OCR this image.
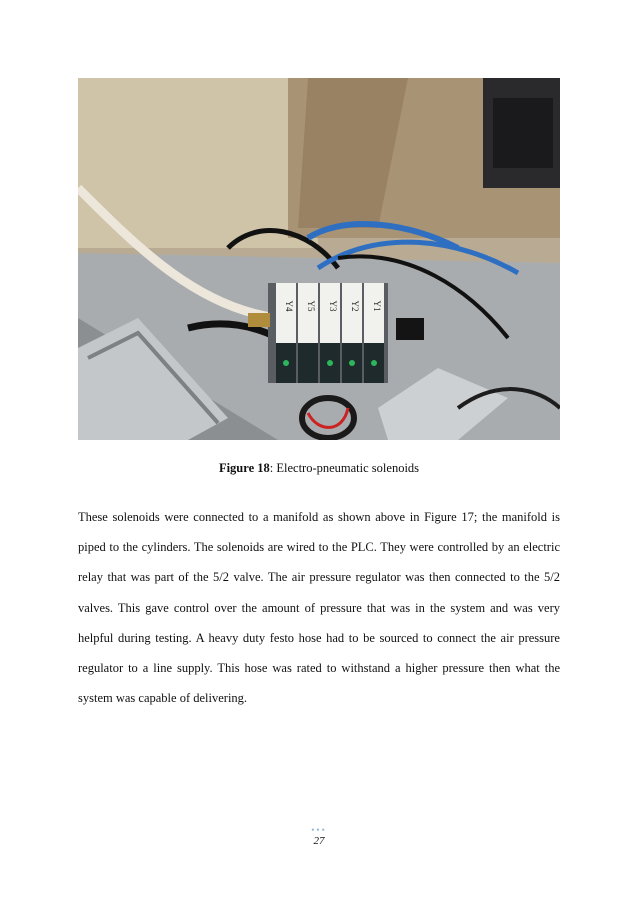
Y4 Y5 Y3 Y2 Y1
Figure 18: Electro-pneumatic solenoids

These solenoids were connected to a manifold as shown above in Figure 17; the manifold is piped to the cylinders. The solenoids are wired to the PLC. They were controlled by an electric relay that was part of the 5/2 valve. The air pressure regulator was then connected to the 5/2 valves. This gave control over the amount of pressure that was in the system and was very helpful during testing. A heavy duty festo hose had to be sourced to connect the air pressure regulator to a line supply. This hose was rated to withstand a higher pressure then what the system was capable of delivering.

•••
27
